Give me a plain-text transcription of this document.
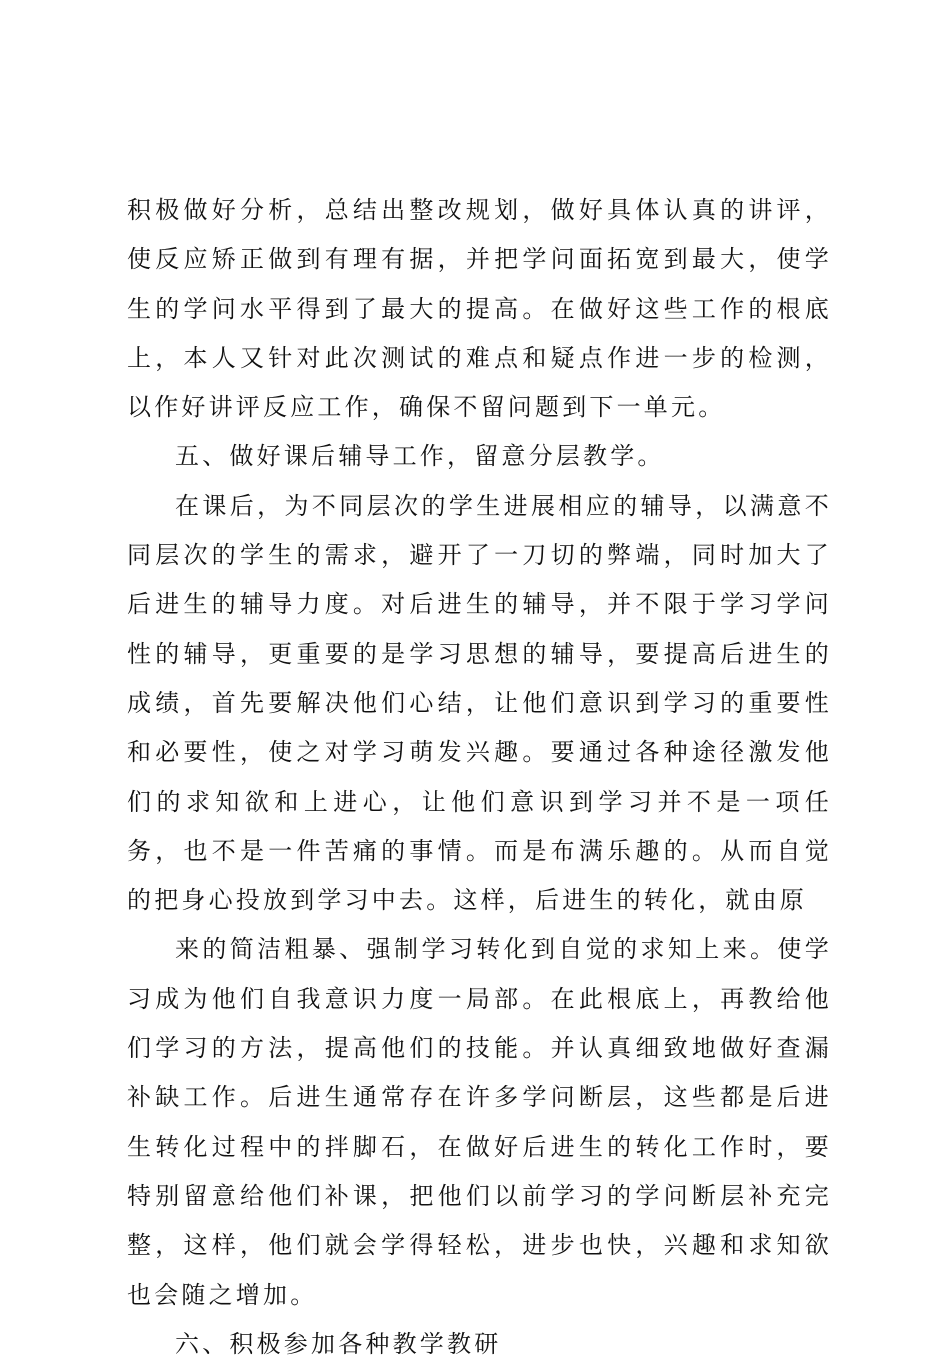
积极做好分析，总结出整改规划，做好具体认真的讲评，使反应矫正做到有理有据，并把学问面拓宽到最大，使学生的学问水平得到了最大的提高。在做好这些工作的根底上，本人又针对此次测试的难点和疑点作进一步的检测，以作好讲评反应工作，确保不留问题到下一单元。

五、做好课后辅导工作，留意分层教学。

在课后，为不同层次的学生进展相应的辅导，以满意不同层次的学生的需求，避开了一刀切的弊端，同时加大了后进生的辅导力度。对后进生的辅导，并不限于学习学问性的辅导，更重要的是学习思想的辅导，要提高后进生的成绩，首先要解决他们心结，让他们意识到学习的重要性和必要性，使之对学习萌发兴趣。要通过各种途径激发他们的求知欲和上进心，让他们意识到学习并不是一项任务，也不是一件苦痛的事情。而是布满乐趣的。从而自觉的把身心投放到学习中去。这样，后进生的转化，就由原

来的简洁粗暴、强制学习转化到自觉的求知上来。使学习成为他们自我意识力度一局部。在此根底上，再教给他们学习的方法，提高他们的技能。并认真细致地做好查漏补缺工作。后进生通常存在许多学问断层，这些都是后进生转化过程中的拌脚石，在做好后进生的转化工作时，要特别留意给他们补课，把他们以前学习的学问断层补充完整，这样，他们就会学得轻松，进步也快，兴趣和求知欲也会随之增加。

六、积极参加各种教学教研
